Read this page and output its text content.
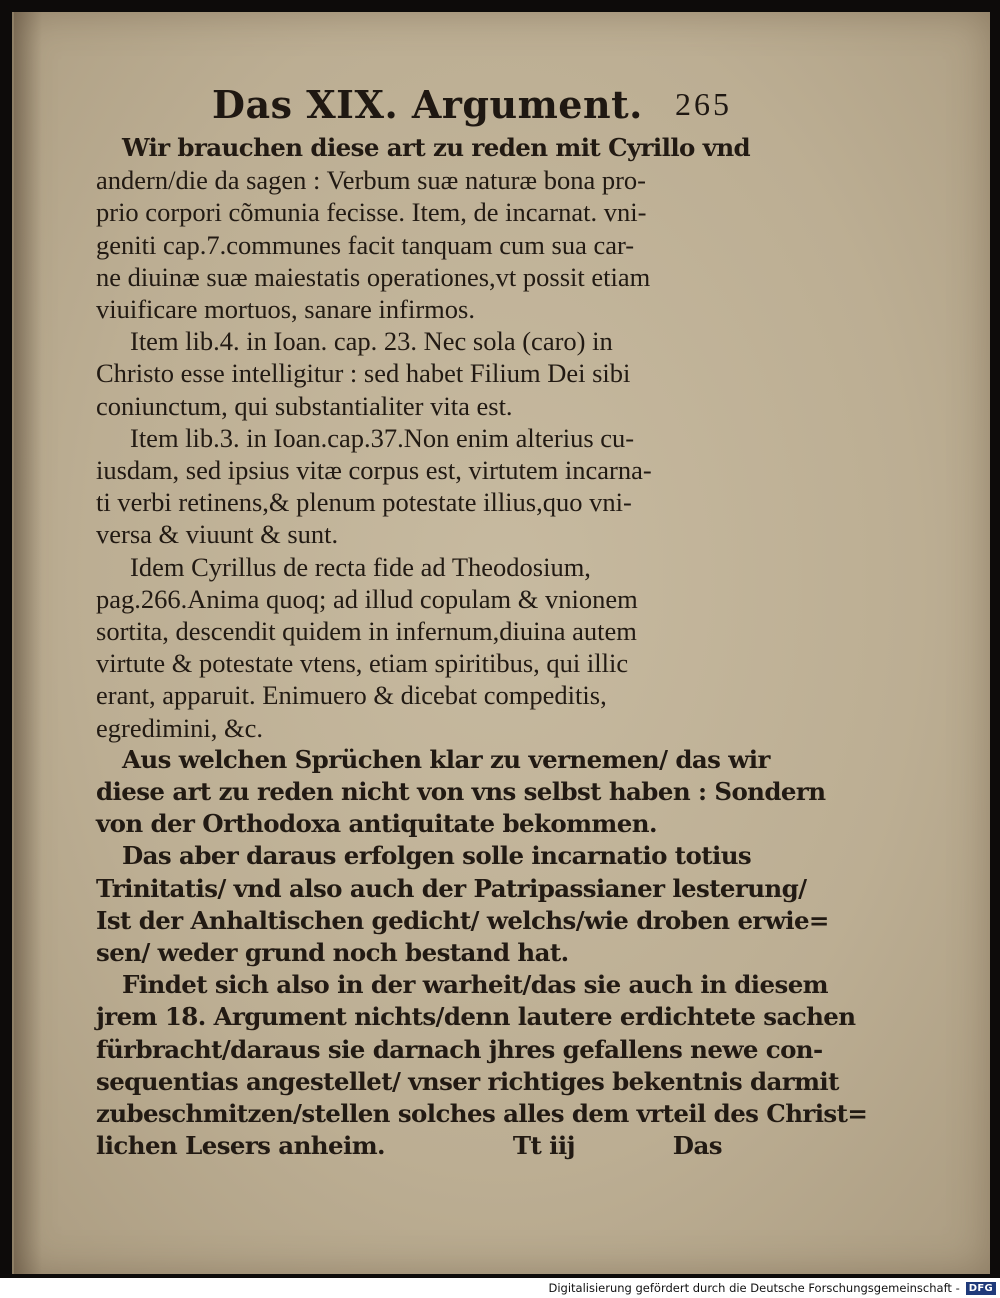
Das XIX. Argument. 265
Wir brauchen diese art zu reden mit Cyrillo vnd
andern/die da sagen : Verbum suæ naturæ bona pro-
prio corpori cõmunia fecisse. Item, de incarnat. vni-
geniti cap.7.communes facit tanquam cum sua car-
ne diuinæ suæ maiestatis operationes,vt possit etiam
viuificare mortuos, sanare infirmos.
Item lib.4. in Ioan. cap. 23. Nec sola (caro) in
Christo esse intelligitur : sed habet Filium Dei sibi
coniunctum, qui substantialiter vita est.
Item lib.3. in Ioan.cap.37.Non enim alterius cu-
iusdam, sed ipsius vitæ corpus est, virtutem incarna-
ti verbi retinens,& plenum potestate illius,quo vni-
versa & viuunt & sunt.
Idem Cyrillus de recta fide ad Theodosium,
pag.266.Anima quoq; ad illud copulam & vnionem
sortita, descendit quidem in infernum,diuina autem
virtute & potestate vtens, etiam spiritibus, qui illic
erant, apparuit. Enimuero & dicebat compeditis,
egredimini, &c.
Aus welchen Sprüchen klar zu vernemen/ das wir
diese art zu reden nicht von vns selbst haben : Sondern
von der Orthodoxa antiquitate bekommen.
Das aber daraus erfolgen solle incarnatio totius
Trinitatis/ vnd also auch der Patripassianer lesterung/
Ist der Anhaltischen gedicht/ welchs/wie droben erwie=
sen/ weder grund noch bestand hat.
Findet sich also in der warheit/das sie auch in diesem
jrem 18. Argument nichts/denn lautere erdichtete sachen
fürbracht/daraus sie darnach jhres gefallens newe con-
sequentias angestellet/ vnser richtiges bekentnis darmit
zubeschmitzen/stellen solches alles dem vrteil des Christ=
lichen Lesers anheim.	Tt iij	Das
Digitalisierung gefördert durch die Deutsche Forschungsgemeinschaft - DFG
